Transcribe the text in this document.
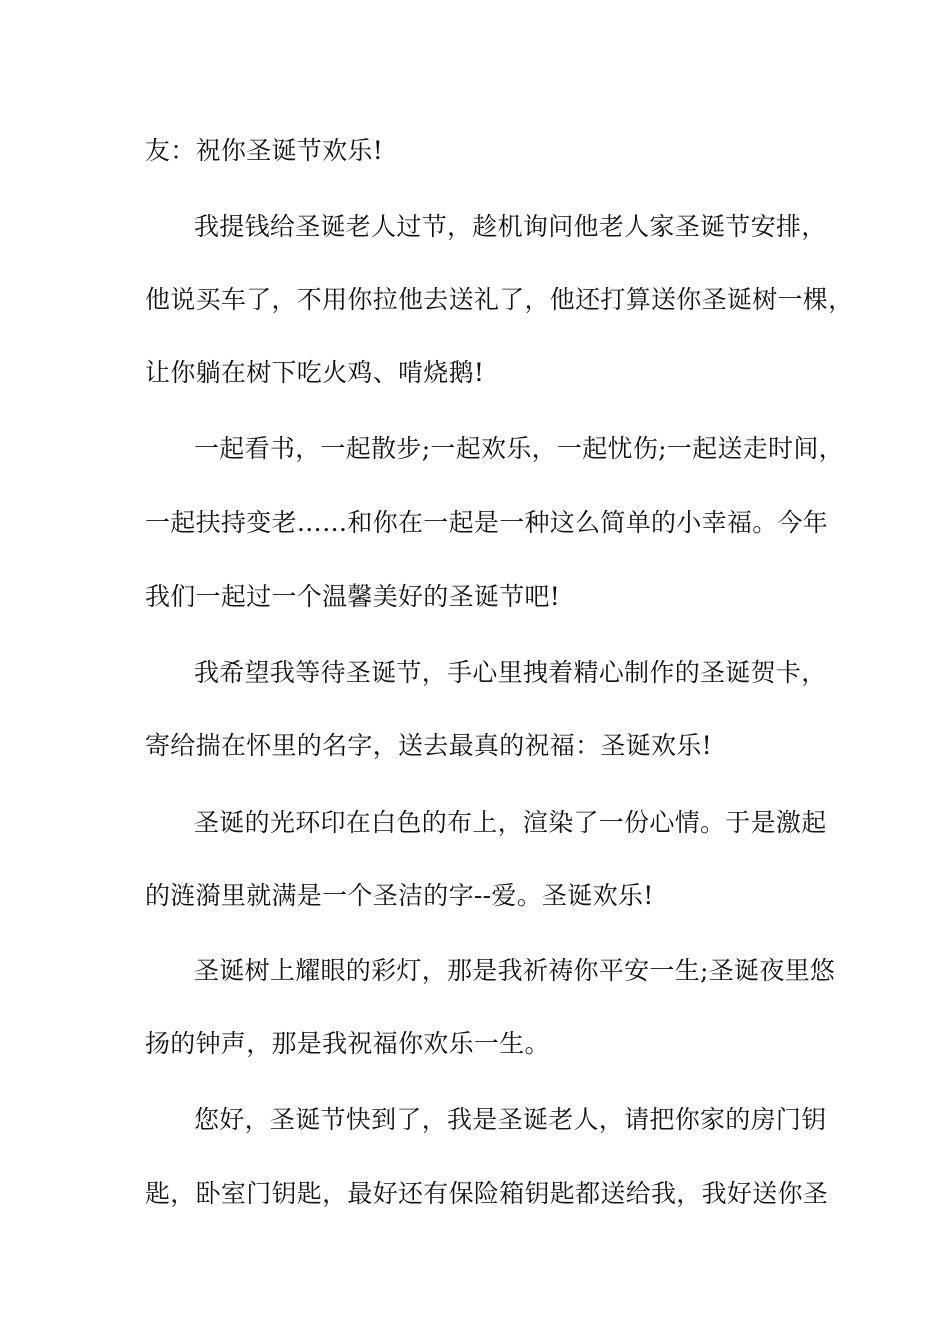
友：祝你圣诞节欢乐!

我提钱给圣诞老人过节，趁机询问他老人家圣诞节安排，

他说买车了，不用你拉他去送礼了，他还打算送你圣诞树一棵，

让你躺在树下吃火鸡、啃烧鹅!

一起看书，一起散步;一起欢乐，一起忧伤;一起送走时间，

一起扶持变老……和你在一起是一种这么简单的小幸福。今年

我们一起过一个温馨美好的圣诞节吧!

我希望我等待圣诞节，手心里拽着精心制作的圣诞贺卡，

寄给揣在怀里的名字，送去最真的祝福：圣诞欢乐!

圣诞的光环印在白色的布上，渲染了一份心情。于是激起

的涟漪里就满是一个圣洁的字--爱。圣诞欢乐!

圣诞树上耀眼的彩灯，那是我祈祷你平安一生;圣诞夜里悠

扬的钟声，那是我祝福你欢乐一生。

您好，圣诞节快到了，我是圣诞老人，请把你家的房门钥

匙，卧室门钥匙，最好还有保险箱钥匙都送给我，我好送你圣
